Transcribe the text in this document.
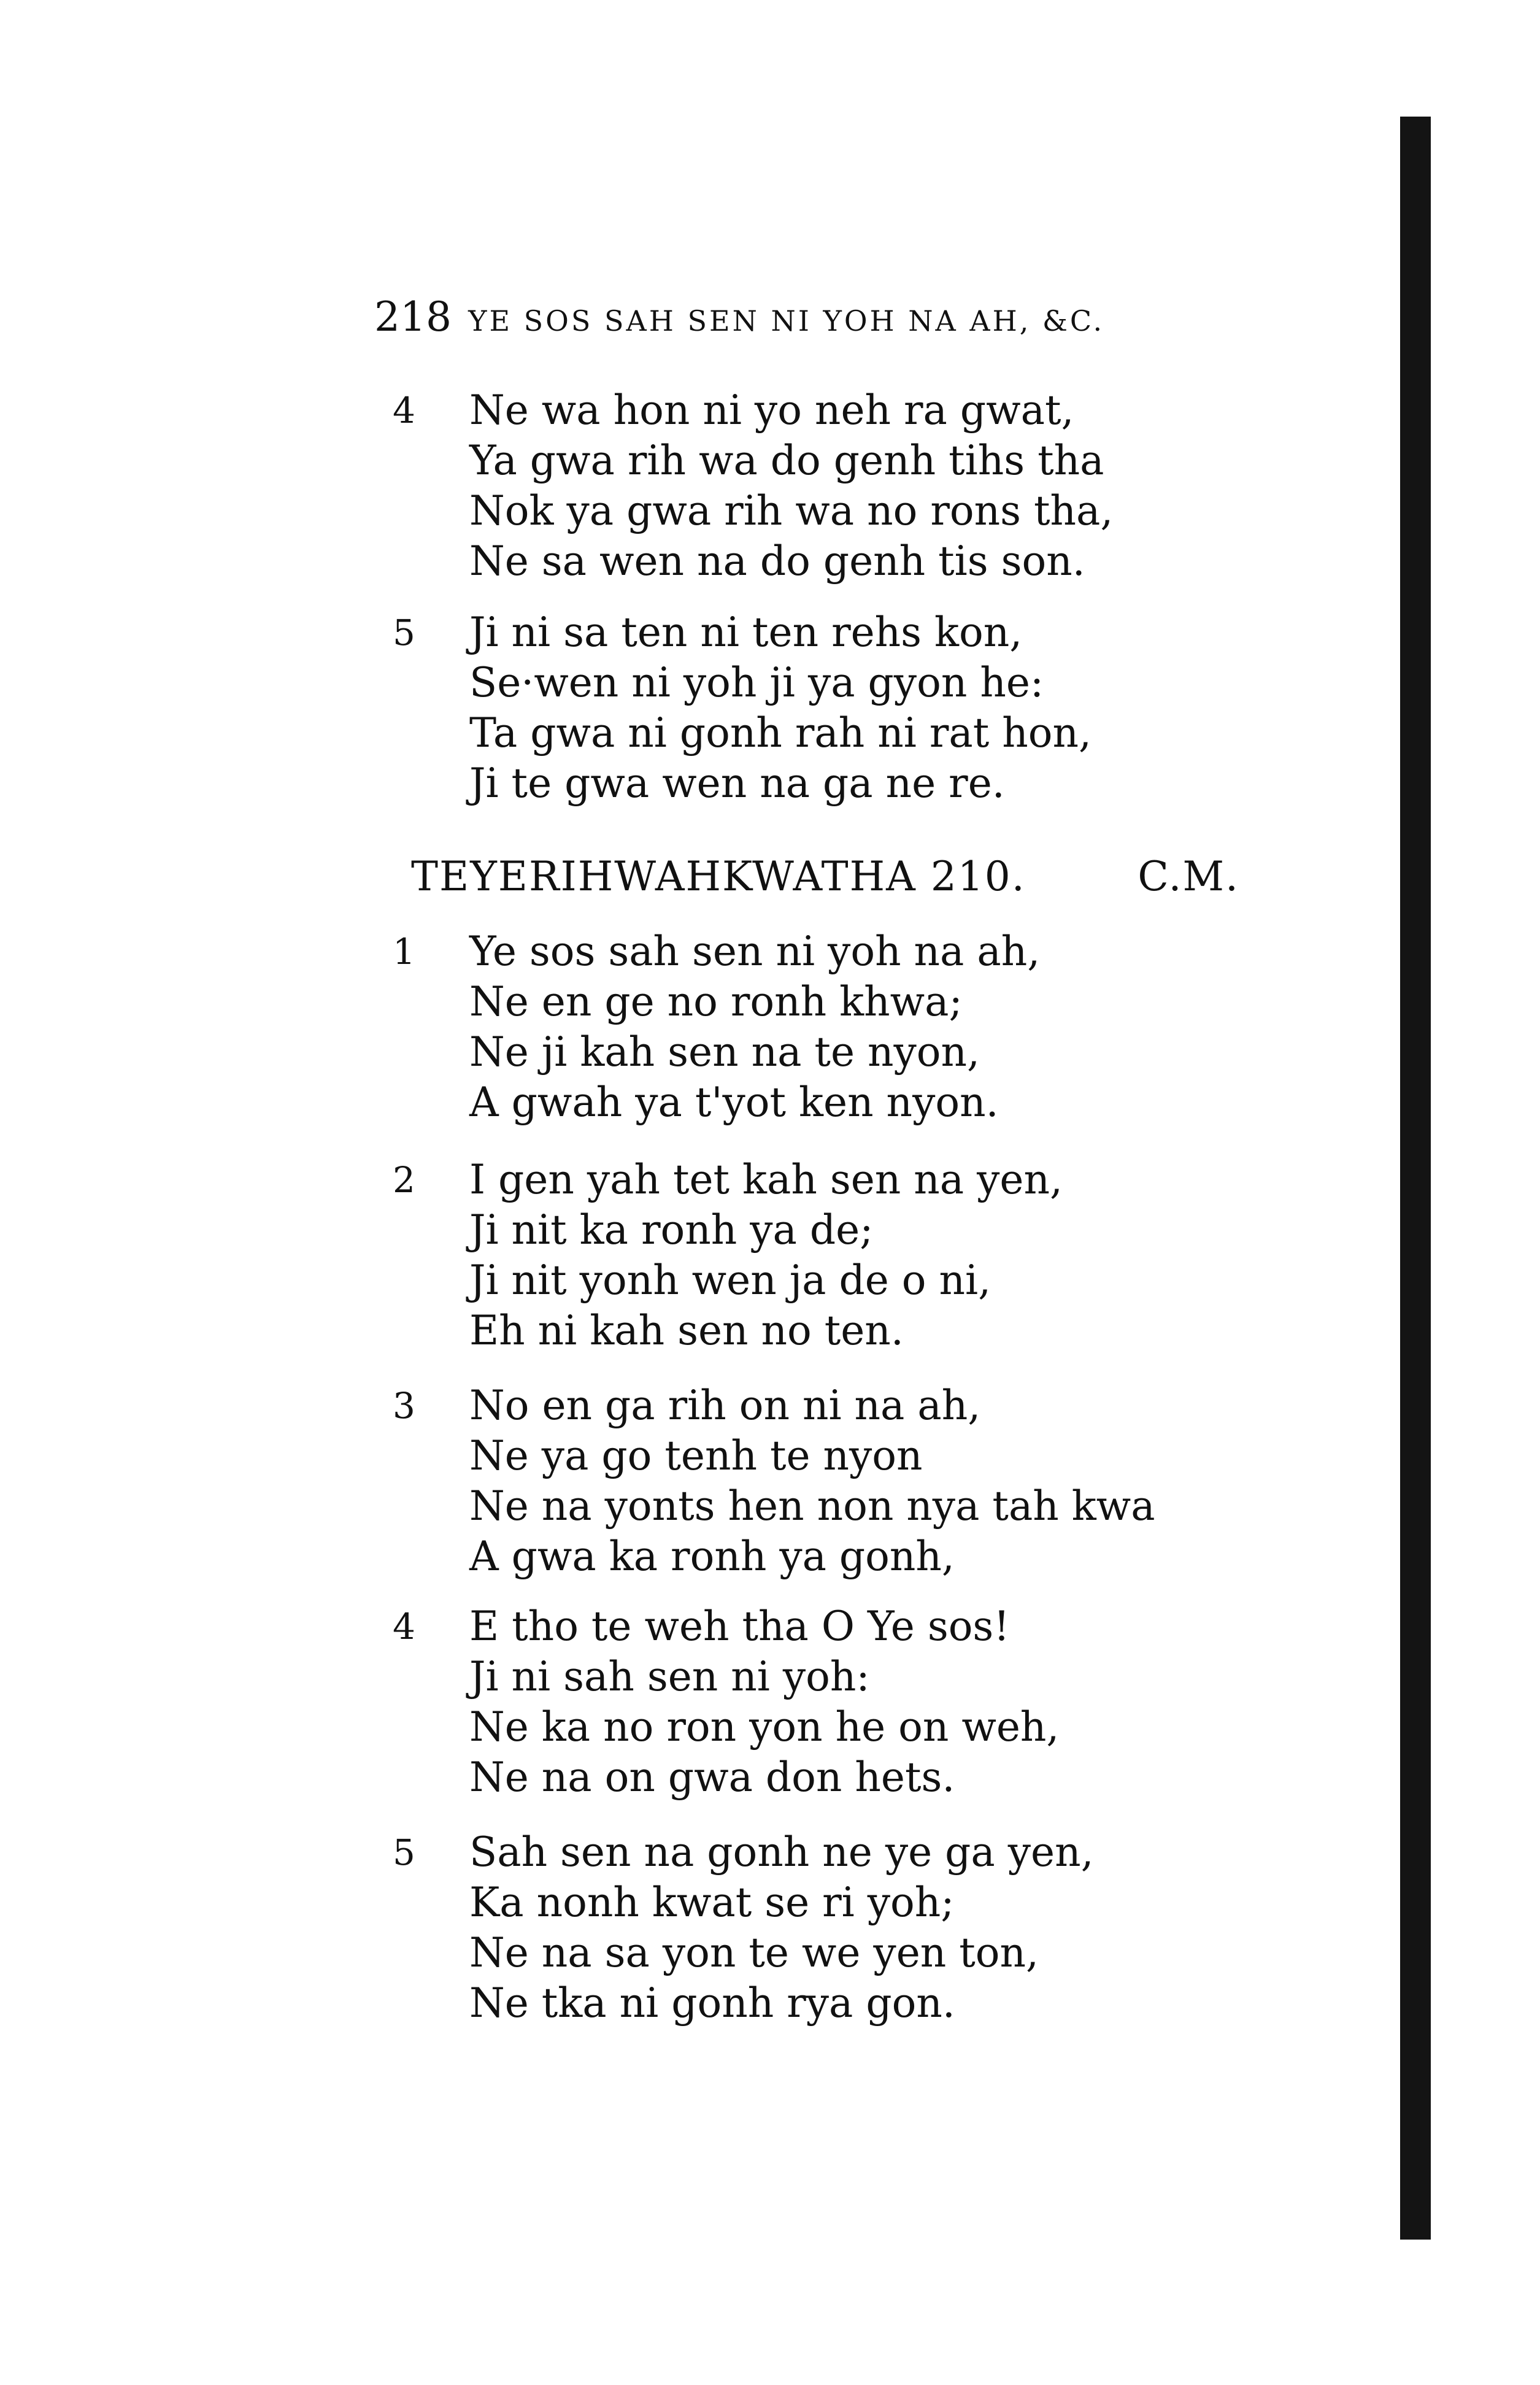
218 YE SOS SAH SEN NI YOH NA AH, &C.
4 Ne wa hon ni yo neh ra gwat,
Ya gwa rih wa do genh tihs tha
Nok ya gwa rih wa no rons tha,
Ne sa wen na do genh tis son.
5 Ji ni sa ten ni ten rehs kon,
Se·wen ni yoh ji ya gyon he:
Ta gwa ni gonh rah ni rat hon,
Ji te gwa wen na ga ne re.
TEYERIHWAHKWATHA 210.	C.M.
1 Ye sos sah sen ni yoh na ah,
Ne en ge no ronh khwa;
Ne ji kah sen na te nyon,
A gwah ya t'yot ken nyon.
2 I gen yah tet kah sen na yen,
Ji nit ka ronh ya de;
Ji nit yonh wen ja de o ni,
Eh ni kah sen no ten.
3 No en ga rih on ni na ah,
Ne ya go tenh te nyon
Ne na yonts hen non nya tah kwa
A gwa ka ronh ya gonh,
4 E tho te weh tha O Ye sos!
Ji ni sah sen ni yoh:
Ne ka no ron yon he on weh,
Ne na on gwa don hets.
5 Sah sen na gonh ne ye ga yen,
Ka nonh kwat se ri yoh;
Ne na sa yon te we yen ton,
Ne tka ni gonh rya gon.
